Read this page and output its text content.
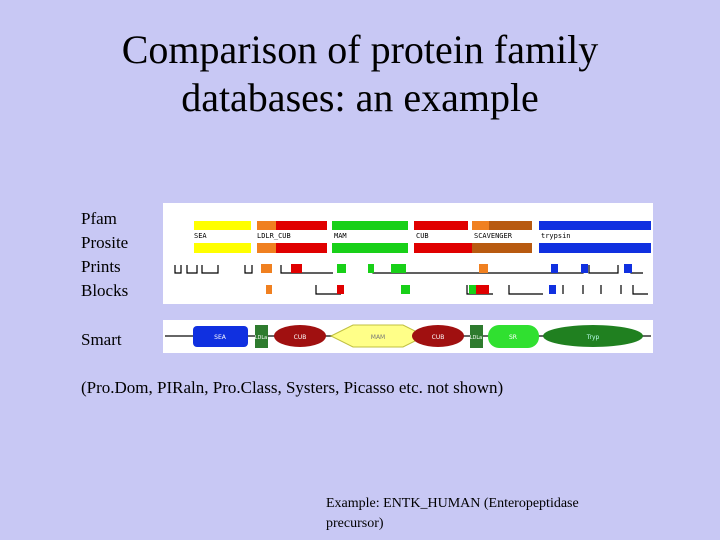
Comparison of protein family
databases: an example
Pfam
Prosite
Prints
Blocks
SEA	LDLR_CUB	MAM	CUB	SCAVENGER	trypsin
Smart	SEA	LDLa	CUB	MAM	CUB	LDLa	SR	Tryp
(Pro.Dom, PIRaln, Pro.Class, Systers, Picasso etc. not shown)
Example: ENTK_HUMAN (Enteropeptidase
precursor)
